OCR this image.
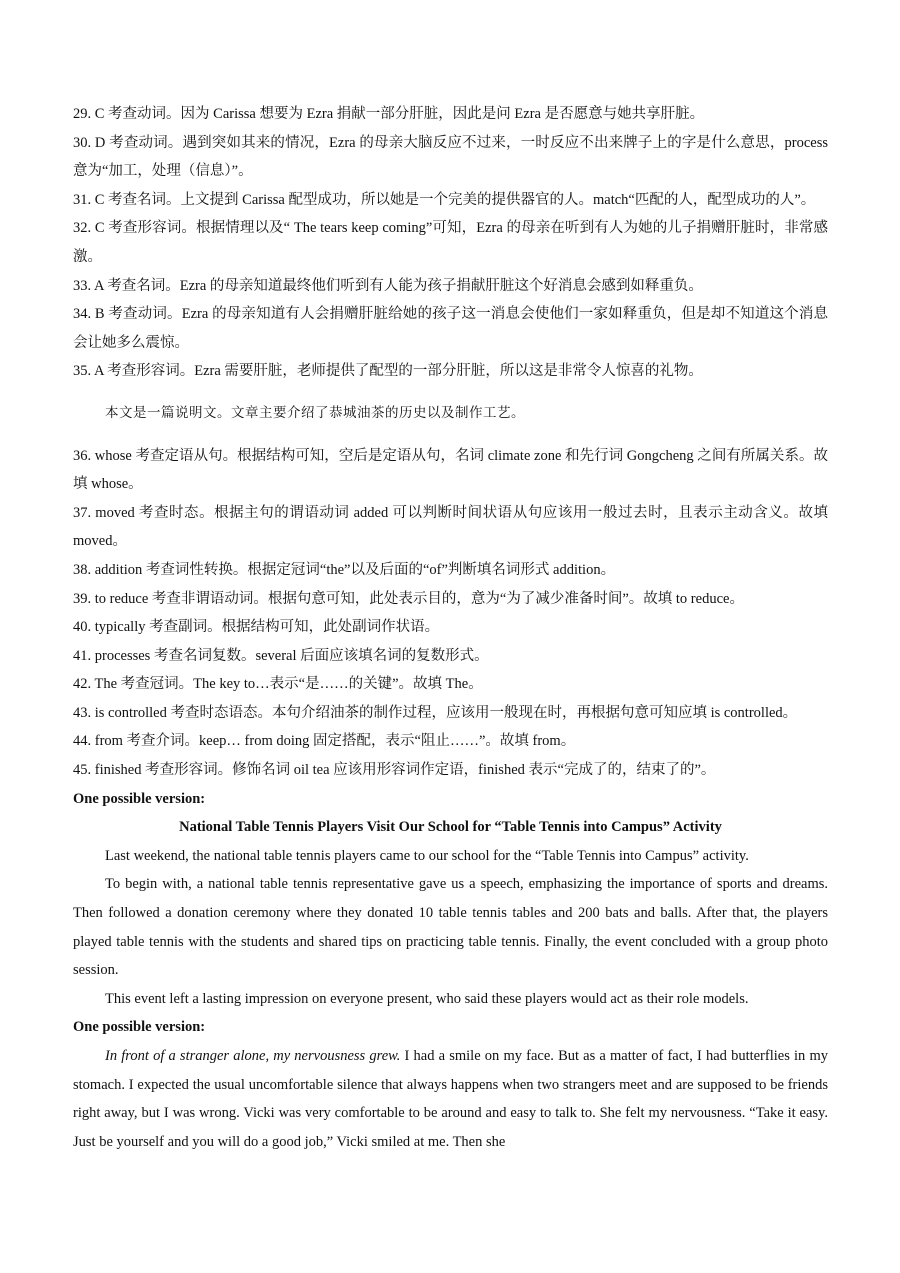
29. C 考查动词。因为 Carissa 想要为 Ezra 捐献一部分肝脏，因此是问 Ezra 是否愿意与她共享肝脏。

30. D 考查动词。遇到突如其来的情况，Ezra 的母亲大脑反应不过来，一时反应不出来牌子上的字是什么意思，process 意为“加工，处理（信息）”。

31. C 考查名词。上文提到 Carissa 配型成功，所以她是一个完美的提供器官的人。match“匹配的人，配型成功的人”。

32. C 考查形容词。根据情理以及“ The tears keep coming”可知，Ezra 的母亲在听到有人为她的儿子捐赠肝脏时，非常感激。

33. A 考查名词。Ezra 的母亲知道最终他们听到有人能为孩子捐献肝脏这个好消息会感到如释重负。

34. B 考查动词。Ezra 的母亲知道有人会捐赠肝脏给她的孩子这一消息会使他们一家如释重负，但是却不知道这个消息会让她多么震惊。

35. A 考查形容词。Ezra 需要肝脏，老师提供了配型的一部分肝脏，所以这是非常令人惊喜的礼物。

本文是一篇说明文。文章主要介绍了恭城油茶的历史以及制作工艺。

36. whose 考查定语从句。根据结构可知，空后是定语从句，名词 climate zone 和先行词 Gongcheng 之间有所属关系。故填 whose。

37. moved 考查时态。根据主句的谓语动词 added 可以判断时间状语从句应该用一般过去时，且表示主动含义。故填 moved。

38. addition 考查词性转换。根据定冠词“the”以及后面的“of”判断填名词形式 addition。

39. to reduce 考查非谓语动词。根据句意可知，此处表示目的，意为“为了减少准备时间”。故填 to reduce。

40. typically 考查副词。根据结构可知，此处副词作状语。

41. processes 考查名词复数。several 后面应该填名词的复数形式。

42. The 考查冠词。The key to…表示“是……的关键”。故填 The。

43. is controlled 考查时态语态。本句介绍油茶的制作过程，应该用一般现在时，再根据句意可知应填 is controlled。

44. from 考查介词。keep… from doing 固定搭配，表示“阻止……”。故填 from。

45. finished 考查形容词。修饰名词 oil tea 应该用形容词作定语，finished 表示“完成了的，结束了的”。

One possible version:

National Table Tennis Players Visit Our School for “Table Tennis into Campus” Activity

Last weekend, the national table tennis players came to our school for the “Table Tennis into Campus” activity.

To begin with, a national table tennis representative gave us a speech, emphasizing the importance of sports and dreams. Then followed a donation ceremony where they donated 10 table tennis tables and 200 bats and balls. After that, the players played table tennis with the students and shared tips on practicing table tennis. Finally, the event concluded with a group photo session.

This event left a lasting impression on everyone present, who said these players would act as their role models.

One possible version:

In front of a stranger alone, my nervousness grew. I had a smile on my face. But as a matter of fact, I had butterflies in my stomach. I expected the usual uncomfortable silence that always happens when two strangers meet and are supposed to be friends right away, but I was wrong. Vicki was very comfortable to be around and easy to talk to. She felt my nervousness. “Take it easy. Just be yourself and you will do a good job,” Vicki smiled at me. Then she
